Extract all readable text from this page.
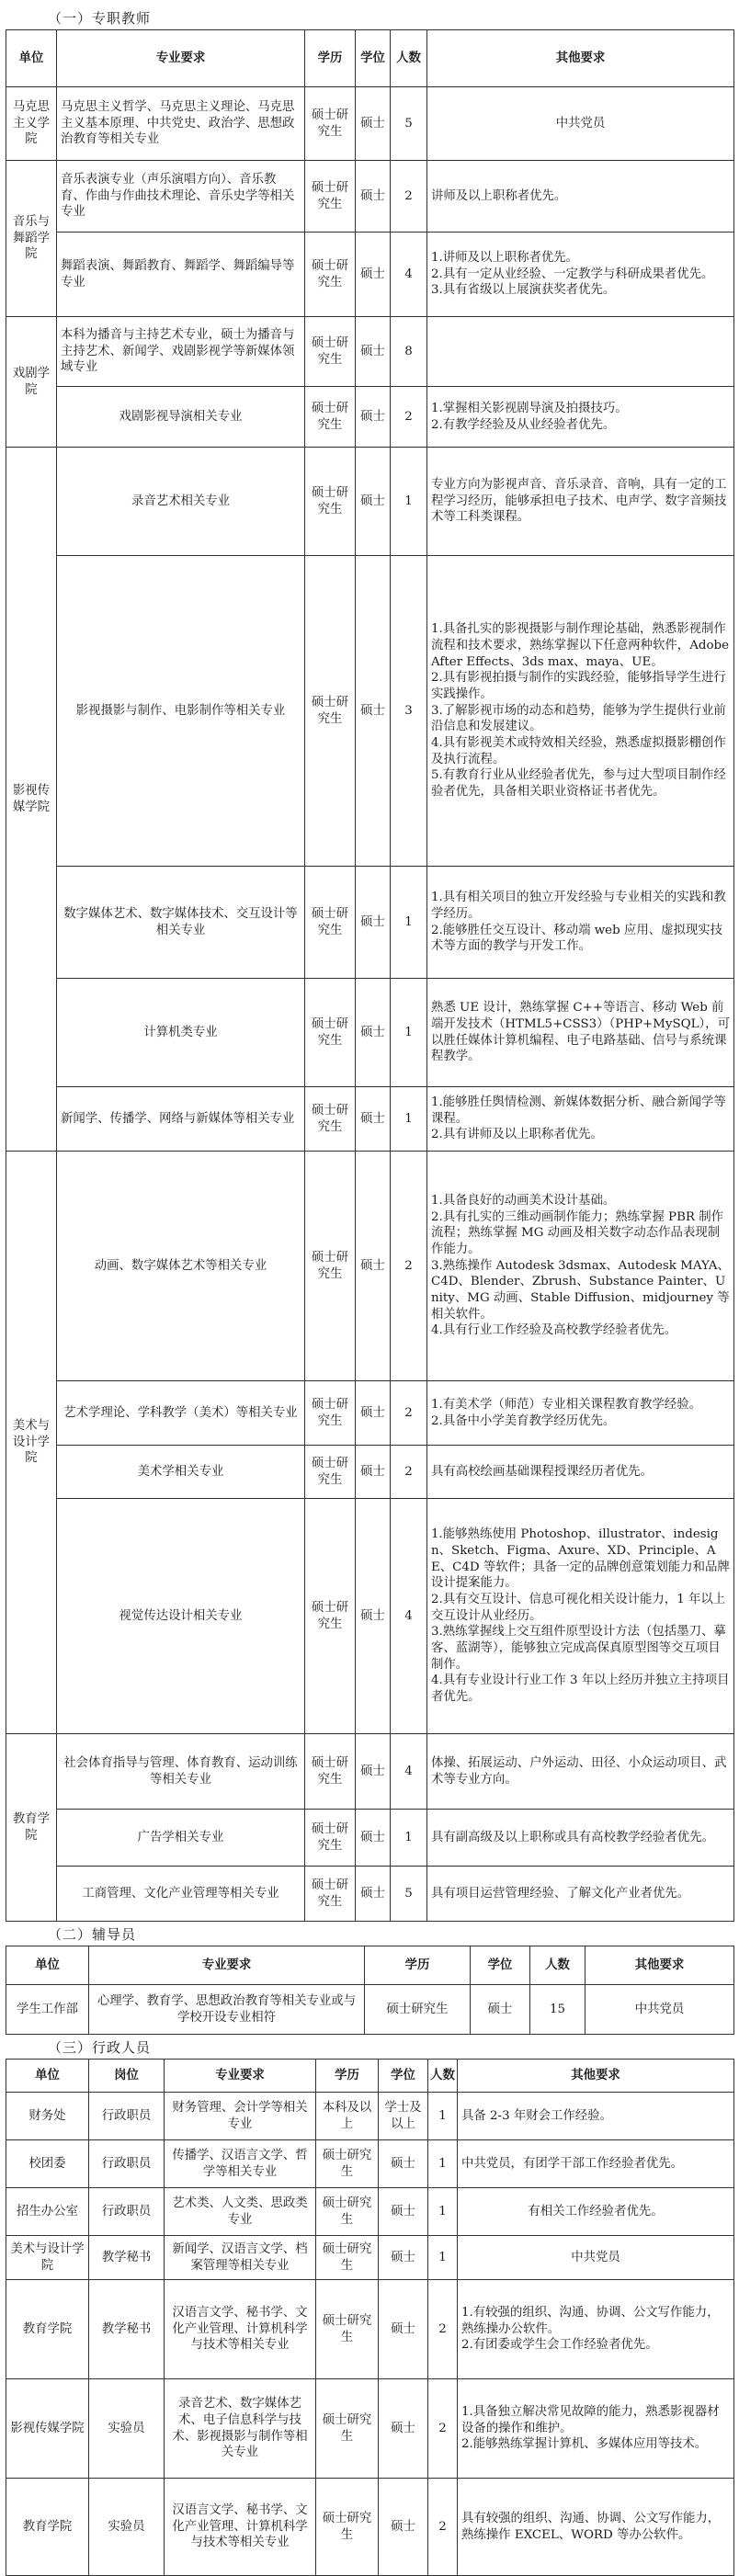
（一）专职教师
单位	专业要求	学历	学位	人数	其他要求
马克思主义学院	马克思主义哲学、马克思主义理论、马克思主义基本原理、中共党史、政治学、思想政治教育等相关专业	硕士研究生	硕士	5	中共党员
音乐与舞蹈学院	音乐表演专业（声乐演唱方向）、音乐教育、作曲与作曲技术理论、音乐史学等相关专业	硕士研究生	硕士	2	讲师及以上职称者优先。
	舞蹈表演、舞蹈教育、舞蹈学、舞蹈编导等专业	硕士研究生	硕士	4	1.讲师及以上职称者优先。
2.具有一定从业经验、一定教学与科研成果者优先。
3.具有省级以上展演获奖者优先。
戏剧学院	本科为播音与主持艺术专业，硕士为播音与主持艺术、新闻学、戏剧影视学等新媒体领域专业	硕士研究生	硕士	8	
	戏剧影视导演相关专业	硕士研究生	硕士	2	1.掌握相关影视剧导演及拍摄技巧。
2.有教学经验及从业经验者优先。
影视传媒学院	录音艺术相关专业	硕士研究生	硕士	1	专业方向为影视声音、音乐录音、音响，具有一定的工程学习经历，能够承担电子技术、电声学、数字音频技术等工科类课程。
	影视摄影与制作、电影制作等相关专业	硕士研究生	硕士	3	1.具备扎实的影视摄影与制作理论基础，熟悉影视制作流程和技术要求，熟练掌握以下任意两种软件，Adobe After Effects、3ds max、maya、UE。
2.具有影视拍摄与制作的实践经验，能够指导学生进行实践操作。
3.了解影视市场的动态和趋势，能够为学生提供行业前沿信息和发展建议。
4.具有影视美术或特效相关经验，熟悉虚拟摄影棚创作及执行流程。
5.有教育行业从业经验者优先，参与过大型项目制作经验者优先，具备相关职业资格证书者优先。
	数字媒体艺术、数字媒体技术、交互设计等相关专业	硕士研究生	硕士	1	1.具有相关项目的独立开发经验与专业相关的实践和教学经历。
2.能够胜任交互设计、移动端 web 应用、虚拟现实技术等方面的教学与开发工作。
	计算机类专业	硕士研究生	硕士	1	熟悉 UE 设计，熟练掌握 C++等语言、移动 Web 前端开发技术（HTML5+CSS3）（PHP+MySQL），可以胜任媒体计算机编程、电子电路基础、信号与系统课程教学。
	新闻学、传播学、网络与新媒体等相关专业	硕士研究生	硕士	1	1.能够胜任舆情检测、新媒体数据分析、融合新闻学等课程。
2.具有讲师及以上职称者优先。
美术与设计学院	动画、数字媒体艺术等相关专业	硕士研究生	硕士	2	1.具备良好的动画美术设计基础。
2.具有扎实的三维动画制作能力；熟练掌握 PBR 制作流程；熟练掌握 MG 动画及相关数字动态作品表现制作能力。
3.熟练操作 Autodesk 3dsmax、Autodesk MAYA、C4D、Blender、Zbrush、Substance Painter、Unity、MG 动画、Stable Diffusion、midjourney 等相关软件。
4.具有行业工作经验及高校教学经验者优先。
	艺术学理论、学科教学（美术）等相关专业	硕士研究生	硕士	2	1.有美术学（师范）专业相关课程教育教学经验。
2.具备中小学美育教学经历优先。
	美术学相关专业	硕士研究生	硕士	2	具有高校绘画基础课程授课经历者优先。
	视觉传达设计相关专业	硕士研究生	硕士	4	1.能够熟练使用 Photoshop、illustrator、indesign、Sketch、Figma、Axure、XD、Principle、AE、C4D 等软件；具备一定的品牌创意策划能力和品牌设计提案能力。
2.具有交互设计、信息可视化相关设计能力，1 年以上交互设计从业经历。
3.熟练掌握线上交互组件原型设计方法（包括墨刀、摹客、蓝湖等），能够独立完成高保真原型图等交互项目制作。
4.具有专业设计行业工作 3 年以上经历并独立主持项目者优先。
教育学院	社会体育指导与管理、体育教育、运动训练等相关专业	硕士研究生	硕士	4	体操、拓展运动、户外运动、田径、小众运动项目、武术等专业方向。
	广告学相关专业	硕士研究生	硕士	1	具有副高级及以上职称或具有高校教学经验者优先。
	工商管理、文化产业管理等相关专业	硕士研究生	硕士	5	具有项目运营管理经验、了解文化产业者优先。
（二）辅导员
单位	专业要求	学历	学位	人数	其他要求
学生工作部	心理学、教育学、思想政治教育等相关专业或与学校开设专业相符	硕士研究生	硕士	15	中共党员
（三）行政人员
单位	岗位	专业要求	学历	学位	人数	其他要求
财务处	行政职员	财务管理、会计学等相关专业	本科及以上	学士及以上	1	具备 2-3 年财会工作经验。
校团委	行政职员	传播学、汉语言文学、哲学等相关专业	硕士研究生	硕士	1	中共党员，有团学干部工作经验者优先。
招生办公室	行政职员	艺术类、人文类、思政类专业	硕士研究生	硕士	1	有相关工作经验者优先。
美术与设计学院	教学秘书	新闻学、汉语言文学、档案管理等相关专业	硕士研究生	硕士	1	中共党员
教育学院	教学秘书	汉语言文学、秘书学、文化产业管理、计算机科学与技术等相关专业	硕士研究生	硕士	2	1.有较强的组织、沟通、协调、公文写作能力，熟练操办公软件。
2.有团委或学生会工作经验者优先。
影视传媒学院	实验员	录音艺术、数字媒体艺术、电子信息科学与技术、影视摄影与制作等相关专业	硕士研究生	硕士	2	1.具备独立解决常见故障的能力，熟悉影视器材设备的操作和维护。
2.能够熟练掌握计算机、多媒体应用等技术。
教育学院	实验员	汉语言文学、秘书学、文化产业管理、计算机科学与技术等相关专业	硕士研究生	硕士	2	具有较强的组织、沟通、协调、公文写作能力，熟练操作 EXCEL、WORD 等办公软件。
